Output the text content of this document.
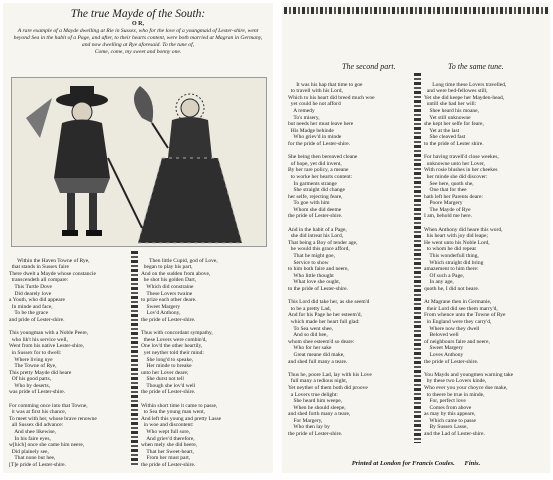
The true Mayde of the South:
O R,
A rare example of a Mayde dwelling at Rie in Sussex, who for the love of a youngmaid of Lester-shire, went beyond Sea in the habit of a Page, and after, to their hearts content, were both married at Magran in Germany, and now dwelling at Rye aforesaid. To the tune of,
Come, come, my sweet and bonny one.

Within the Haven Towne of Rye,
that stands in Sussex faire
There dwelt a Mayde whose constancie
transcendeth all compare:
This Turtle Dove
Did dearely love
a Youth, who did appeare
In minde and face,
To be the grace
and pride of Lester-shire.

This youngman with a Noble Peere,
who lik't his service well,
Went from his native Lester-shire,
in Sussex for to dwell:
Where living nye
The Towne of Rye,
This pretty Mayde did heare
Of his good parts,
Who by deserts,
was pride of Lester-shire.

For comming once into that Towne,
it was at first his chance,
To meet with her, whose brave renowne
all Sussex did advance:
And shee likewise,
In his faire eyes,
w[hich] once she came him neere,
Did plainely see,
That none but hee,
[T]e pride of Lester-shire.

Then little Cupid, god of Love,
began to play his part,
And on the sudden from above,
he shot his golden Dart,
Which did constraine
These Lovers twaine
to prize each other deare.
Sweet Margery
Lov'd Anthony,
the pride of Lester-shire.

Thus with concordant sympathy,
these Lovers were combin'd,
One lov'd the other heartily,
yet neyther told their mind:
She long'd to speake,
Her minde to breake
unto her Lover deare;
She durst not tell
Though she lov'd well
the pride of Lester-shire.

Within short time it came to passe,
to Sea the young man went,
And left this young and pretty Lasse
in woe and discontent:
Who wept full sore,
And griev'd therefore,
when mely she did heere,
That her Sweet-heart,
From her must part,
the pride of Lester-shire.

The second part.	To the same tune.

It was his hap that time to goe
to travell with his Lord,
Which to his heart did breed much woe
yet could he not afford
A remedy
To's misery,
but needs her must leave here
His Madge behinde
Who griev'd in minde
for the pride of Lester-shire.

She being then bereaved cleane
of hope, yet did invent,
By her rare policy, a meane
to worke her hearts content:
In garments strange
She straight did change
her selfe, rejecting feare,
To goe with him
Whom she did deeme
the pride of Lester-shire.

And in the habit of a Page,
she did intreat his Lord,
That being a Boy of tender age,
he would this grace afford,
That he might goe,
Service to show
to him both faire and neere,
Who little thought
What love she ought,
to the pride of Lester-shire.

This Lord did take her, as she seem'd
to be a pretty Lad,
And for his Page he her esteem'd,
which made her heart full glad:
To Sea went shee,
And so did hee,
whom shee esteem'd so deare:
Who for her sake
Great meane did make,
and shed full many a teare.

Thus he, poore Lad, lay with his Love
full many a tedious night,
Yet neyther of them both did proove
a Lovers true delight:
She heard him weepe,
When he should sleepe,
and shed forth many a teare,
For Margery,
Who then lay by
the pride of Lester-shire.

Long time these Lovers travelled,
and were bed-fellowes still,
Yet she did keepe her Mayden-head,
untill she had her will:
Shee heard his moane,
Yet still unknowne
she kept her selfe for feare,
Yet at the last
She cleaved fast
to the pride of Lester shire.

For having travell'd close weekes,
unknowne unto her Lover,
With rosie blushes in her cheekes
her minde she did discover:
See here, quoth she,
One that for thee
hath left her Parents deare:
Poore Margery
The Mayde of Rye
I am, behold me here.

When Anthony did heare this word,
his heart with joy did leape;
He went unto his Noble Lord,
to whom he did repeat
This wonderfull thing,
Which straight did bring
amazement to him there:
Of such a Page,
In any age,
quoth he, I did not heare.

At Magrane then in Germanie,
their Lord did see them marry'd,
From whence unto the Towne of Rye
in England were they carry'd,
Where now they dwell
Beloved well
of neighbours faire and neere,
Sweet Margery
Loves Anthony
the pride of Lester-shire.

You Mayds and youngmen warning take
by these two Lovers kinde,
Who ever you your choyce doe make,
to theere be true in minde,
For, perfect love
Comes from above
as may by this appeare,
Which came to passe
By Sussex Lasse,
and the Lad of Lester-shire.

Printed at London for Francis Coules. Finis.
